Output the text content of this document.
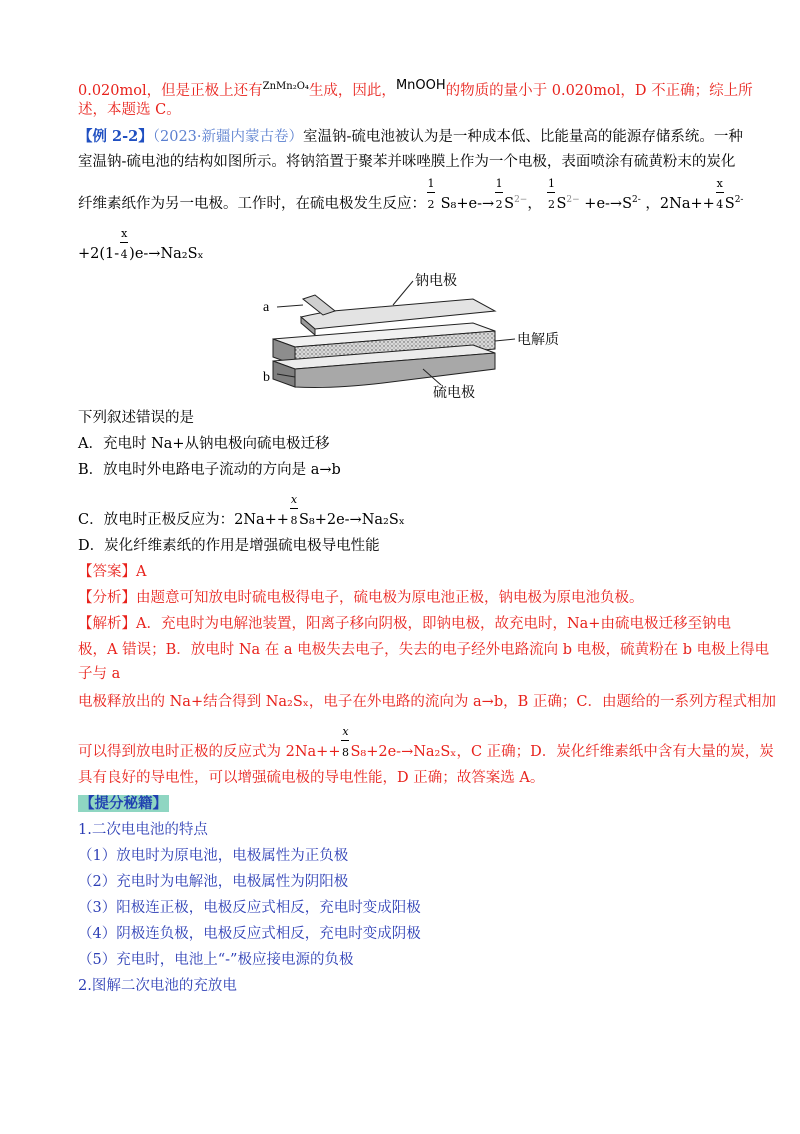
0.020mol，但是正极上还有$^{ZnMn_2O_4}$生成，因此，MnOOH的物质的量小于 0.020mol，D 不正确；综上所
述，本题选 C。
【例 2-2】（2023·新疆内蒙古卷）室温钠-硫电池被认为是一种成本低、比能量高的能源存储系统。一种
室温钠-硫电池的结构如图所示。将钠箔置于聚苯并咪唑膜上作为一个电极，表面喷涂有硫黄粉末的炭化
纤维素纸作为另一电极。工作时，在硫电极发生反应： $\frac{1}{2} S_8+e-\to \frac{1}{2}S^{2-}$， $\frac{1}{2}S^{2-} +e-\to S^{2-}$ ，$2Na++ \frac{x}{4}S^{2-}$
$+2(1- \frac{x}{4})e-\to Na_2S_x$
a
b
钠电极
电解质
硫电极
下列叙述错误的是
A．充电时 Na+从钠电极向硫电极迁移
B．放电时外电路电子流动的方向是 a→b
C．放电时正极反应为：$2Na++ \frac{x}{8}S_8+2e-\to Na_2S_x$
D．炭化纤维素纸的作用是增强硫电极导电性能
【答案】A
【分析】由题意可知放电时硫电极得电子，硫电极为原电池正极，钠电极为原电池负极。
【解析】A．充电时为电解池装置，阳离子移向阴极，即钠电极，故充电时，Na+由硫电极迁移至钠电
极，A 错误；B．放电时 Na 在 a 电极失去电子，失去的电子经外电路流向 b 电极，硫黄粉在 b 电极上得电
子与 a
电极释放出的 Na+结合得到 Na₂Sₓ，电子在外电路的流向为 a→b，B 正确；C．由题给的一系列方程式相加
可以得到放电时正极的反应式为 $2Na++ \frac{x}{8}S_8+2e-\to Na_2S_x$，C 正确；D．炭化纤维素纸中含有大量的炭，炭
具有良好的导电性，可以增强硫电极的导电性能，D 正确；故答案选 A。
【提分秘籍】
1.二次电电池的特点
（1）放电时为原电池，电极属性为正负极
（2）充电时为电解池，电极属性为阴阳极
（3）阳极连正极，电极反应式相反，充电时变成阳极
（4）阴极连负极，电极反应式相反，充电时变成阴极
（5）充电时，电池上“-”极应接电源的负极
2.图解二次电池的充放电
